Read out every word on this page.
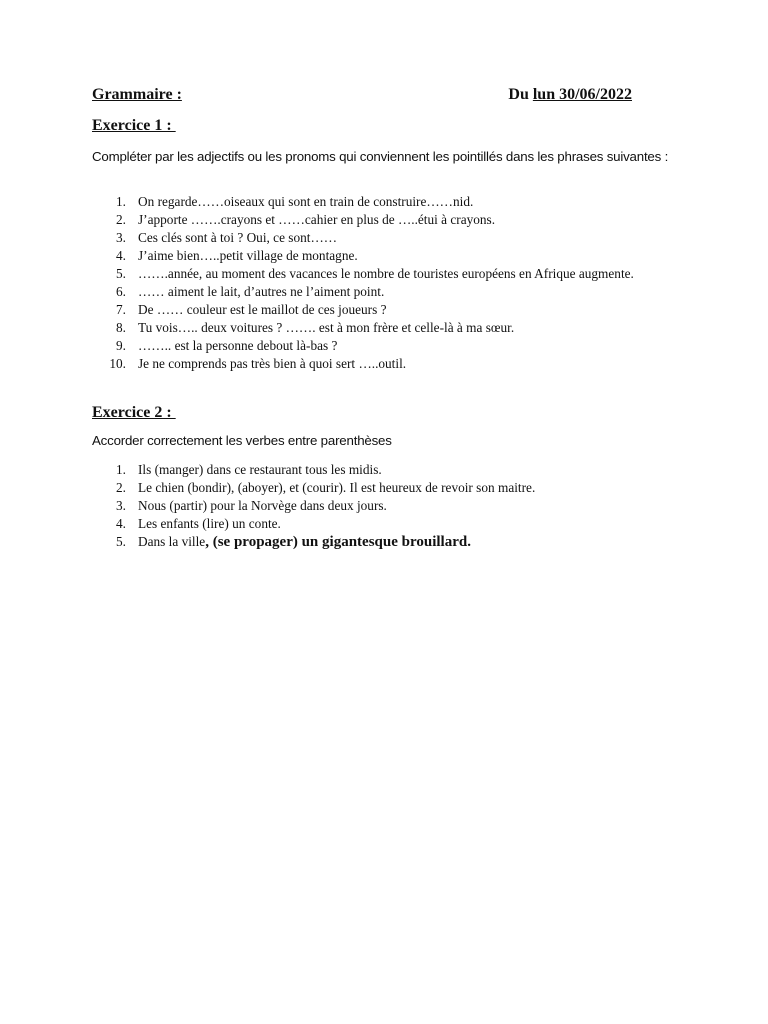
Grammaire :	Du lun 30/06/2022
Exercice 1 :
Compléter par les adjectifs ou les pronoms qui conviennent les pointillés dans les phrases suivantes :
1. On regarde……oiseaux qui sont en train de construire……nid.
2. J’apporte …….crayons et ……cahier en plus de …..étui à crayons.
3. Ces clés sont à toi ? Oui, ce sont……
4. J’aime bien…..petit village de montagne.
5. …….année, au moment des vacances le nombre de touristes européens en Afrique augmente.
6. …… aiment le lait, d’autres ne l’aiment point.
7. De …… couleur est le maillot de ces joueurs ?
8. Tu vois….. deux voitures ? ……. est à mon frère et celle-là à ma sœur.
9. …….. est la personne debout là-bas ?
10. Je ne comprends pas très bien à quoi sert …..outil.
Exercice 2 :
Accorder correctement les verbes entre parenthèses
1. Ils (manger) dans ce restaurant tous les midis.
2. Le chien (bondir), (aboyer), et (courir). Il est heureux de revoir son maitre.
3. Nous (partir) pour la Norvège dans deux jours.
4. Les enfants (lire) un conte.
5. Dans la ville, (se propager) un gigantesque brouillard.
